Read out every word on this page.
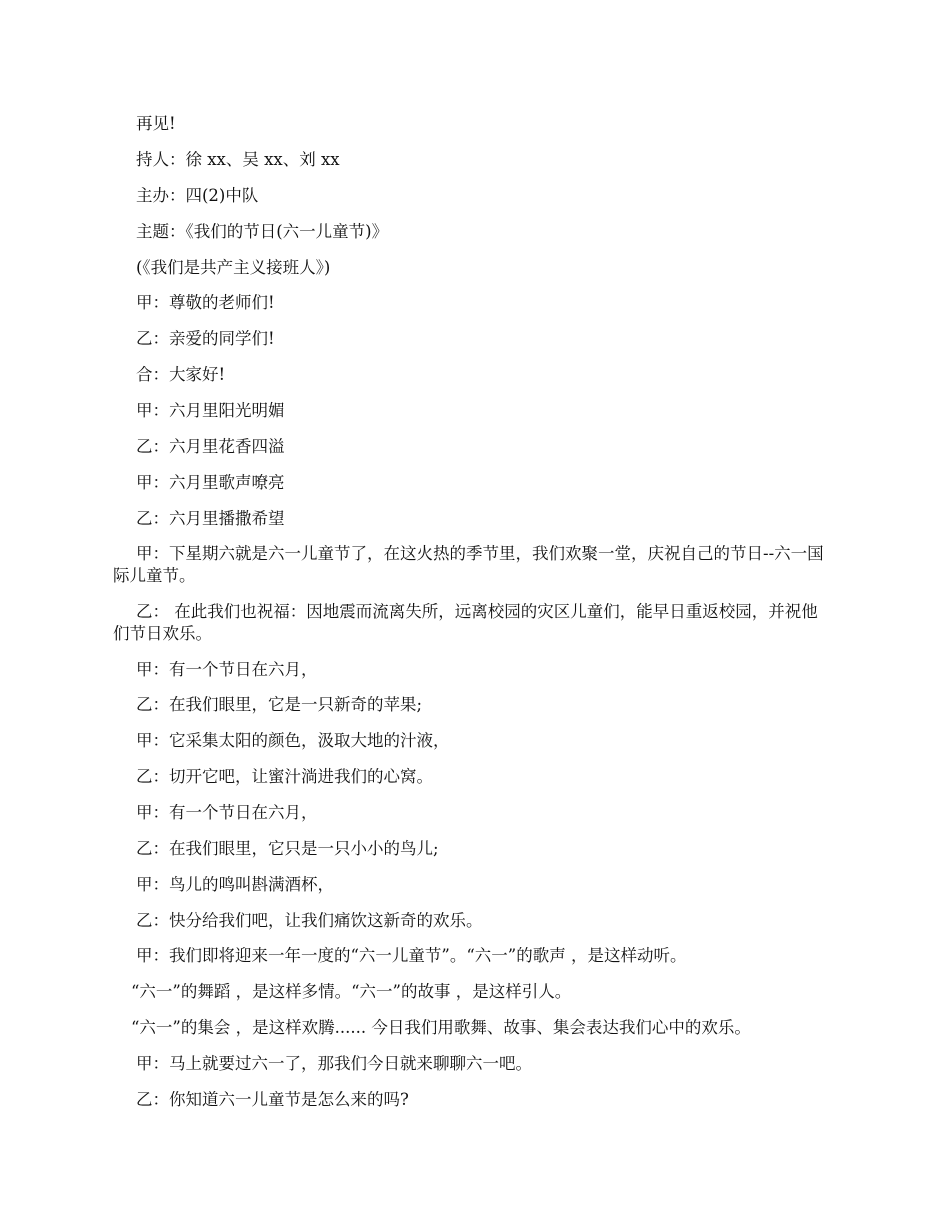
再见!
持人：徐 xx、吴 xx、刘 xx
主办：四(2)中队
主题：《我们的节日(六一儿童节)》
(《我们是共产主义接班人》)
甲：尊敬的老师们!
乙：亲爱的同学们!
合：大家好!
甲：六月里阳光明媚
乙：六月里花香四溢
甲：六月里歌声嘹亮
乙：六月里播撒希望
甲：下星期六就是六一儿童节了，在这火热的季节里，我们欢聚一堂，庆祝自己的节日--六一国际儿童节。
乙： 在此我们也祝福：因地震而流离失所，远离校园的灾区儿童们，能早日重返校园，并祝他们节日欢乐。
甲：有一个节日在六月，
乙：在我们眼里，它是一只新奇的苹果;
甲：它采集太阳的颜色，汲取大地的汁液，
乙：切开它吧，让蜜汁淌进我们的心窝。
甲：有一个节日在六月，
乙：在我们眼里，它只是一只小小的鸟儿;
甲：鸟儿的鸣叫斟满酒杯，
乙：快分给我们吧，让我们痛饮这新奇的欢乐。
甲：我们即将迎来一年一度的“六一儿童节”。“六一”的歌声 ，是这样动听。
“六一”的舞蹈 ，是这样多情。“六一”的故事 ，是这样引人。
“六一”的集会 ，是这样欢腾...... 今日我们用歌舞、故事、集会表达我们心中的欢乐。
甲：马上就要过六一了，那我们今日就来聊聊六一吧。
乙：你知道六一儿童节是怎么来的吗?
